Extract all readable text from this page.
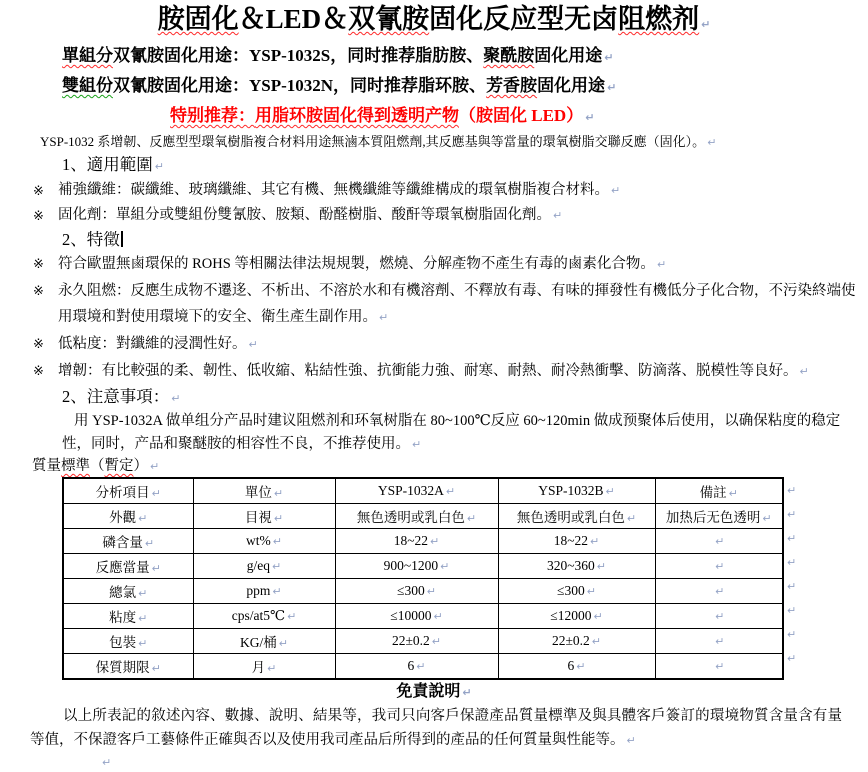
胺固化＆LED＆双氰胺固化反应型无卤阻燃剂 ↵
單組分双氰胺固化用途：YSP-1032S，同时推荐脂肪胺、聚酰胺固化用途 ↵
雙組份双氰胺固化用途：YSP-1032N，同时推荐脂环胺、芳香胺固化用途 ↵
特别推荐：用脂环胺固化得到透明产物（胺固化 LED） ↵
YSP-1032 系增韌、反應型型環氧樹脂複合材料用途無滷本質阻燃劑,其反應基與等當量的環氧樹脂交聯反應（固化）。 ↵
1、適用範圍 ↵
※ 補強纖維：碳纖維、玻璃纖維、其它有機、無機纖維等纖維構成的環氧樹脂複合材料。 ↵
※ 固化劑：單組分或雙組份雙氰胺、胺類、酚醛樹脂、酸酐等環氧樹脂固化劑。 ↵
2、特徵
※ 符合歐盟無鹵環保的 ROHS 等相關法律法規規製，燃燒、分解產物不產生有毒的鹵素化合物。 ↵
※ 永久阻燃：反應生成物不遷迻、不析出、不溶於水和有機溶劑、不釋放有毒、有味的揮發性有機低分子化合物，不污染終端使用環境和對使用環境下的安全、衛生產生副作用。 ↵
※ 低粘度：對纖維的浸潤性好。 ↵
※ 增韌：有比較强的柔、韌性、低收縮、粘結性強、抗衝能力強、耐寒、耐熱、耐冷熱衝擊、防滴落、脱模性等良好。 ↵
2、注意事項： ↵
用 YSP-1032A 做单组分产品时建议阻燃剂和环氧树脂在 80~100℃反应 60~120min 做成预聚体后使用，以确保粘度的稳定性，同时，产品和聚醚胺的相容性不良，不推荐使用。 ↵
質量標準（暫定） ↵
分析項目 ↵	單位 ↵	YSP-1032A ↵	YSP-1032B ↵	備註 ↵
外觀 ↵	目視 ↵	無色透明或乳白色 ↵	無色透明或乳白色 ↵	加热后无色透明 ↵
磷含量 ↵	wt% ↵	18~22 ↵	18~22 ↵	↵
反應當量 ↵	g/eq ↵	900~1200 ↵	320~360 ↵	↵
總氯 ↵	ppm ↵	≤300 ↵	≤300 ↵	↵
粘度 ↵	cps/at5℃ ↵	≤10000 ↵	≤12000 ↵	↵
包裝 ↵	KG/桶 ↵	22±0.2 ↵	22±0.2 ↵	↵
保質期限 ↵	月 ↵	6 ↵	6 ↵	↵
↵
↵
↵
↵
↵
↵
↵
↵
免責說明 ↵
以上所表記的敘述內容、數據、說明、結果等，我司只向客戶保證產品質量標準及與具體客戶簽訂的環境物質含量含有量等值，不保證客戶工藝條件正確與否以及使用我司產品后所得到的產品的任何質量與性能等。 ↵
↵
